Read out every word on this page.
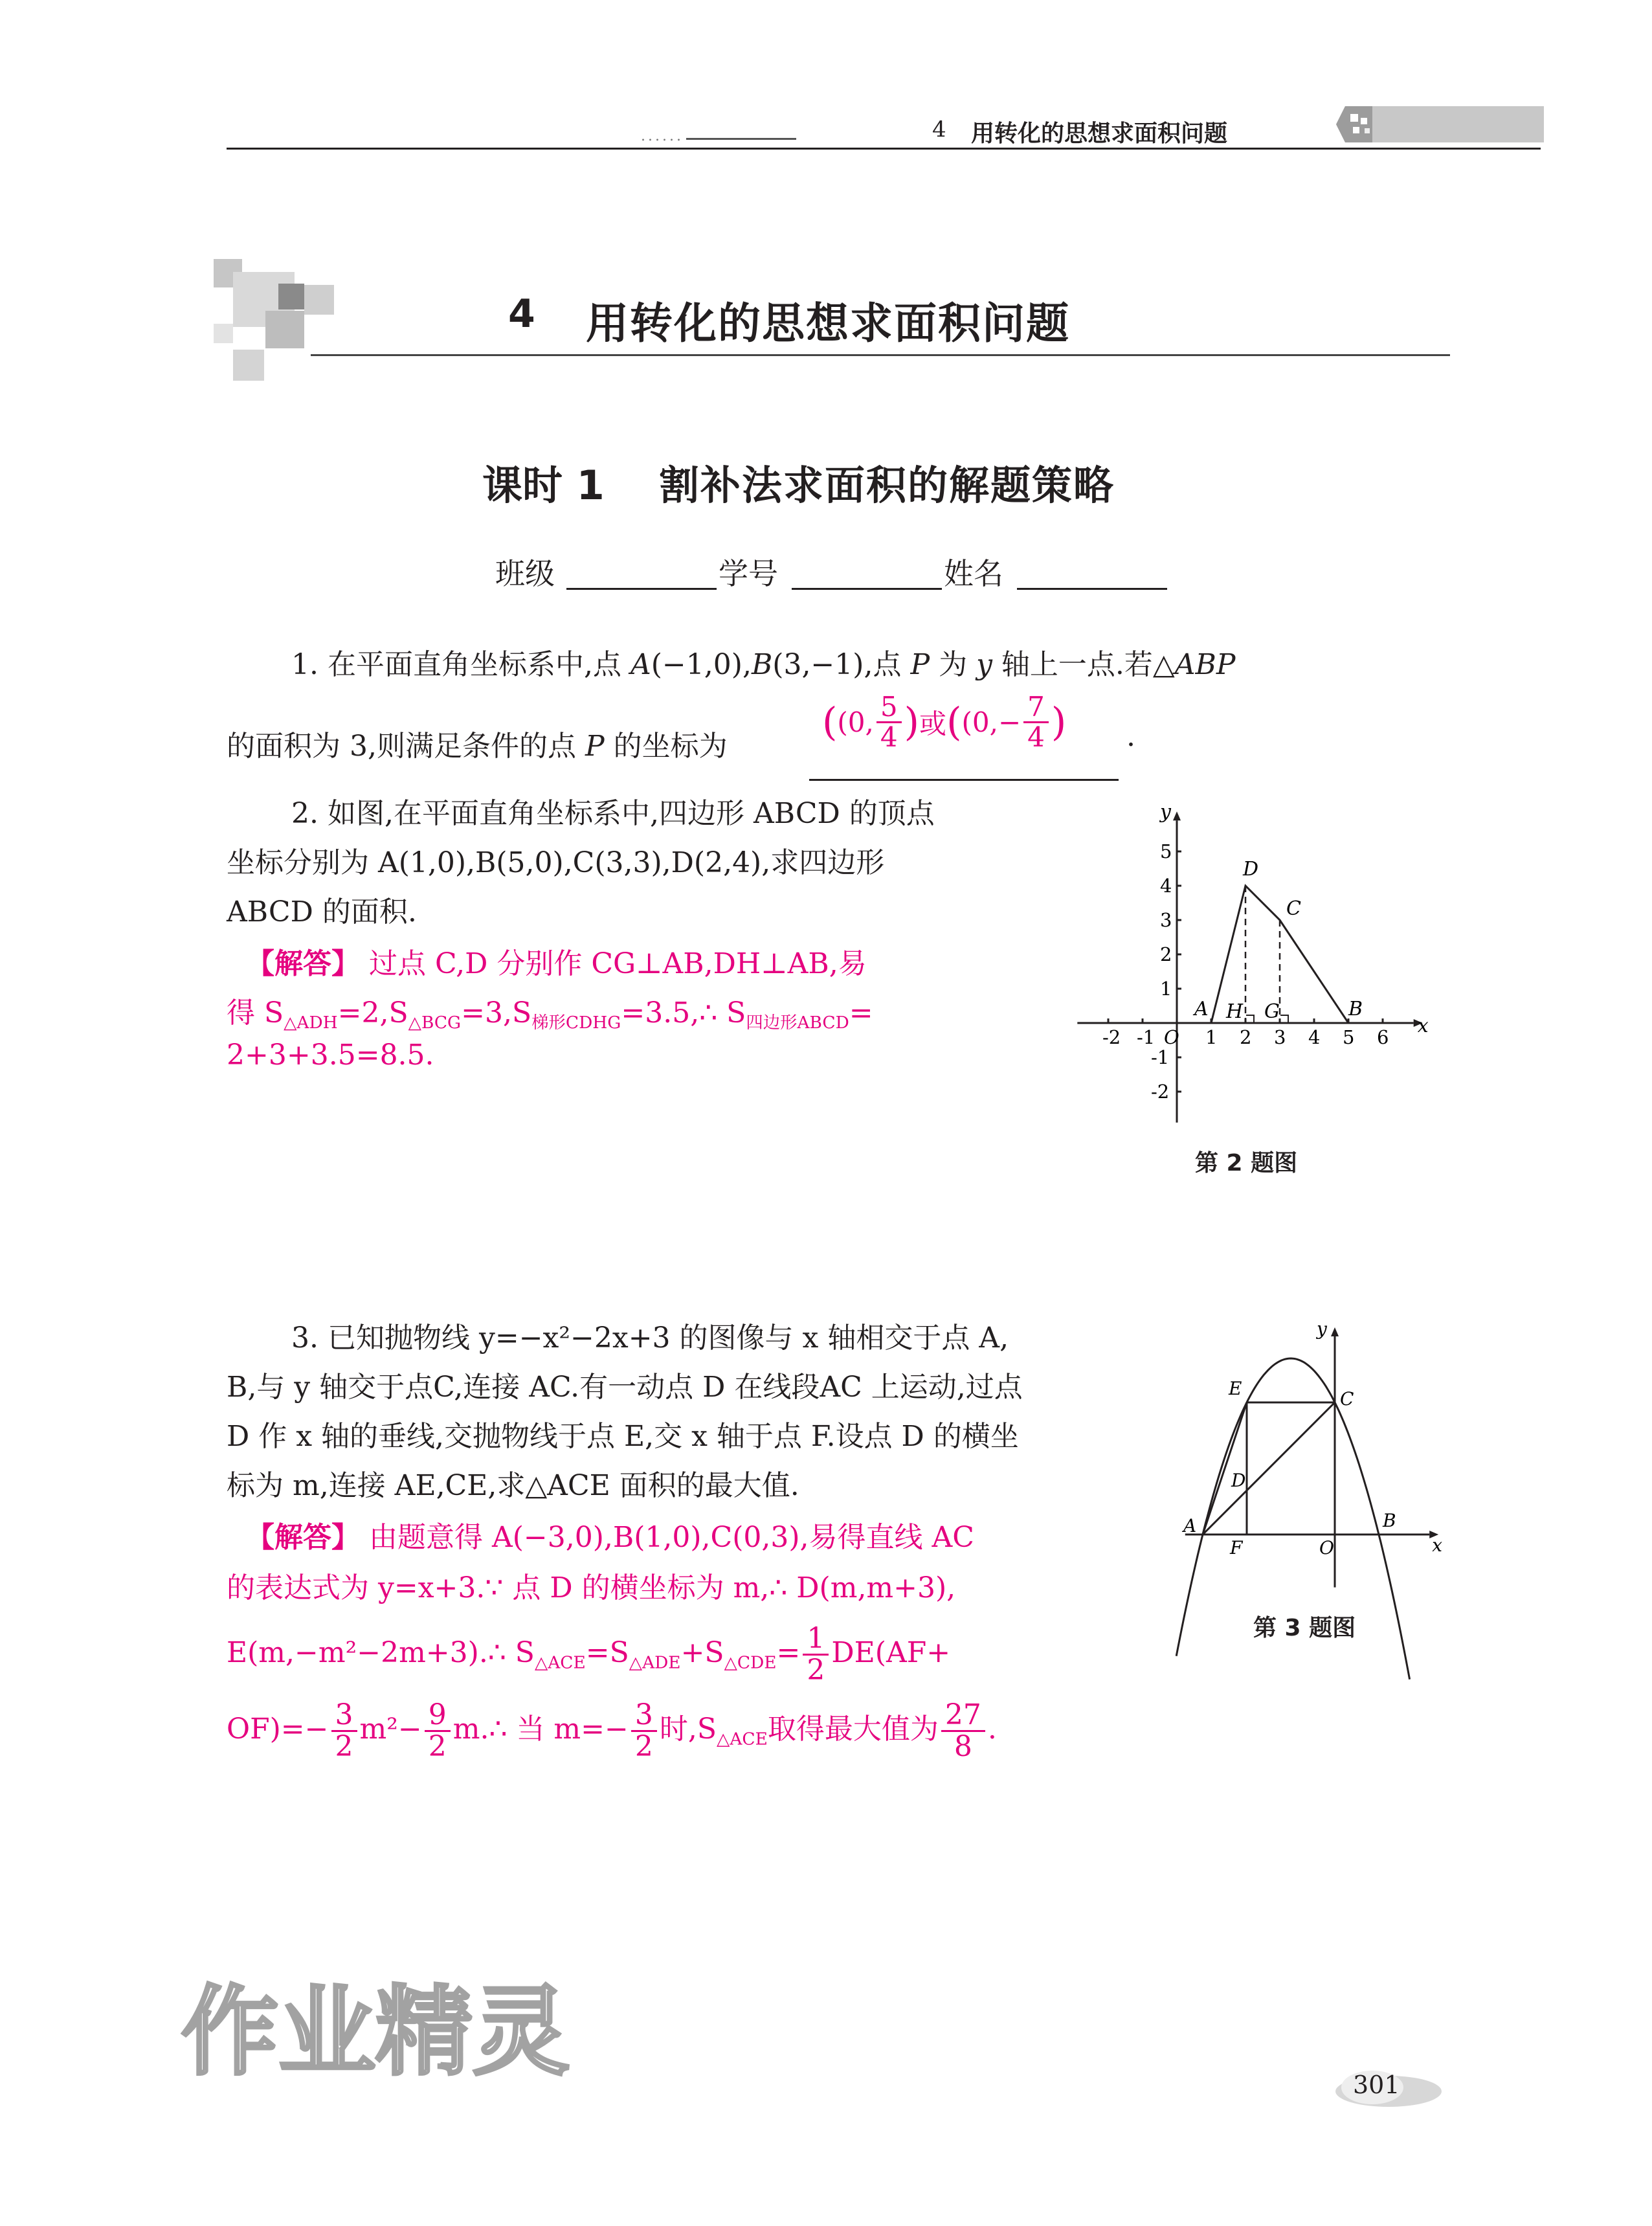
......	4 用转化的思想求面积问题
4 用转化的思想求面积问题
课时 1 割补法求面积的解题策略
班级	学号	姓名

1. 在平面直角坐标系中,点 A(−1,0),B(3,−1),点 P 为 y 轴上一点.若△ABP

的面积为 3,则满足条件的点 P 的坐标为

((0, $\frac{5}{4}$ )或(($0,- \frac{7}{4}$ ) .

2. 如图,在平面直角坐标系中,四边形 ABCD 的顶点

坐标分别为 A(1,0),B(5,0),C(3,3),D(2,4),求四边形

ABCD 的面积.

【解答】 过点 C,D 分别作 CG⊥AB,DH⊥AB,易

得 $S_{\triangle ADH}=2,S_{\triangle BCG}=3,S_{梯形CDHG}=3.5,\therefore$ $S_{四边形ABCD}=$

2+3+3.5=8.5.

x
y
-2 -1 O 1 2 3 4 5 6
5
4
3
2
1
-1
-2
A
D
C
B
H G
第 2 题图

3. 已知抛物线 y=−x²−2x+3 的图像与 x 轴相交于点 A,

B,与 y 轴交于点C,连接 AC.有一动点 D 在线段AC 上运动,过点

D 作 x 轴的垂线,交抛物线于点 E,交 x 轴于点 F.设点 D 的横坐

标为 m,连接 AE,CE,求△ACE 面积的最大值.

【解答】 由题意得 A(−3,0),B(1,0),C(0,3),易得直线 AC

的表达式为 y=x+3.∵ 点 D 的横坐标为 m,∴ D(m,m+3),

E(m,−m²−2m+3).∴ $S_{\triangle ACE}=S_{\triangle ADE}+S_{\triangle CDE}= \frac{1}{2} DE(AF+$

$OF)=- \frac{3}{2} m^2- \frac{9}{2}$ m.∴ 当 $m=- \frac{3}{2}$ 时$,S_{\triangle ACE}$取得最大值为 $\frac{27}{8}$ .

x
y
A	B
C
O
E
D
F
第 3 题图
作业精灵	301
